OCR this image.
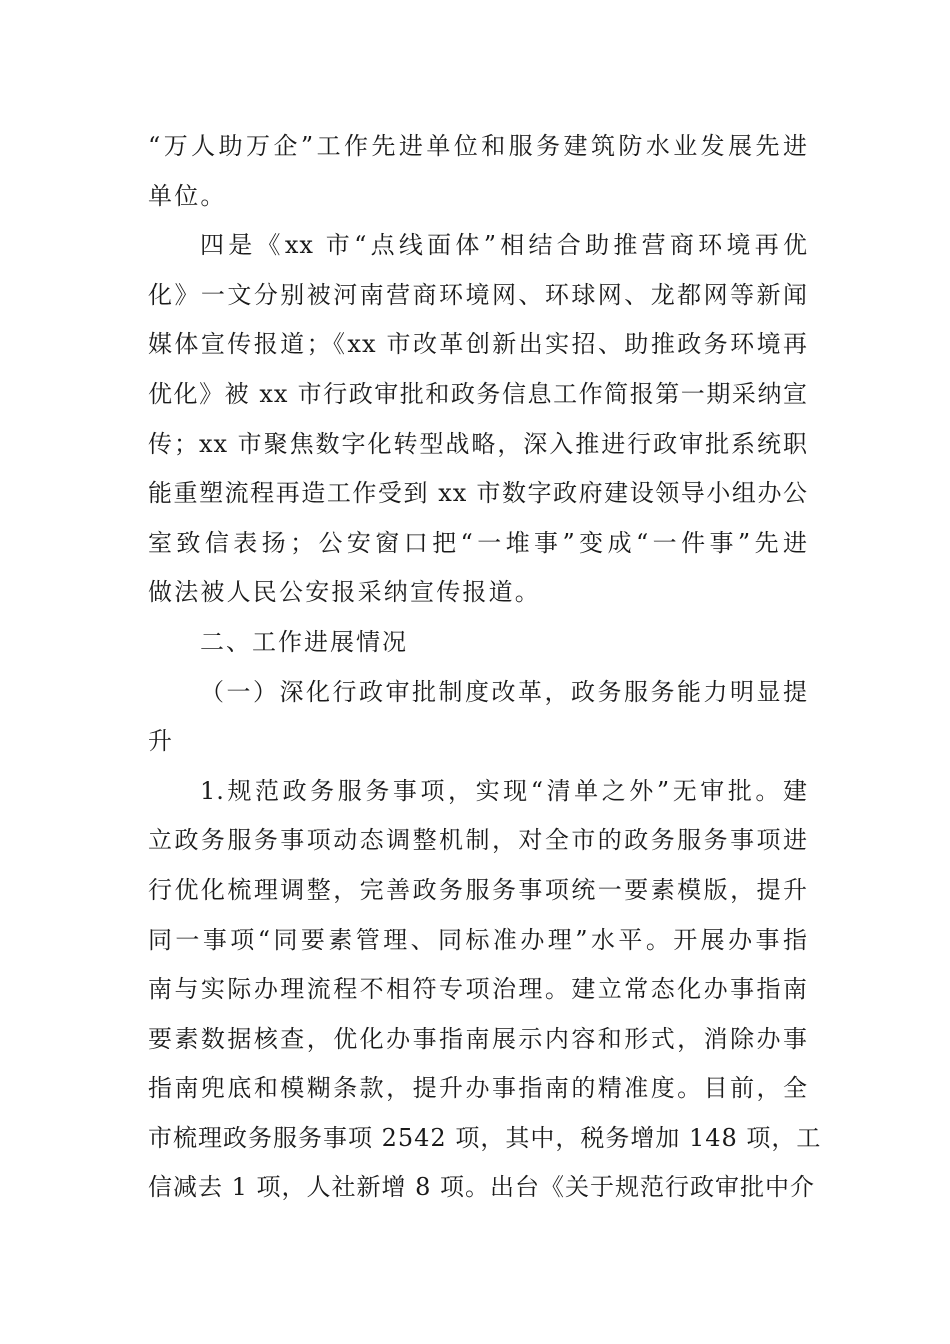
“万人助万企”工作先进单位和服务建筑防水业发展先进
单位。
四是《xx 市“点线面体”相结合助推营商环境再优
化》一文分别被河南营商环境网、环球网、龙都网等新闻
媒体宣传报道；《xx 市改革创新出实招、助推政务环境再
优化》被 xx 市行政审批和政务信息工作简报第一期采纳宣
传；xx 市聚焦数字化转型战略，深入推进行政审批系统职
能重塑流程再造工作受到 xx 市数字政府建设领导小组办公
室致信表扬；公安窗口把“一堆事”变成“一件事”先进
做法被人民公安报采纳宣传报道。
二、工作进展情况
（一）深化行政审批制度改革，政务服务能力明显提
升
1.规范政务服务事项，实现“清单之外”无审批。建
立政务服务事项动态调整机制，对全市的政务服务事项进
行优化梳理调整，完善政务服务事项统一要素模版，提升
同一事项“同要素管理、同标准办理”水平。开展办事指
南与实际办理流程不相符专项治理。建立常态化办事指南
要素数据核查，优化办事指南展示内容和形式，消除办事
指南兜底和模糊条款，提升办事指南的精准度。目前，全
市梳理政务服务事项 2542 项，其中，税务增加 148 项，工
信减去 1 项，人社新增 8 项。出台《关于规范行政审批中介
